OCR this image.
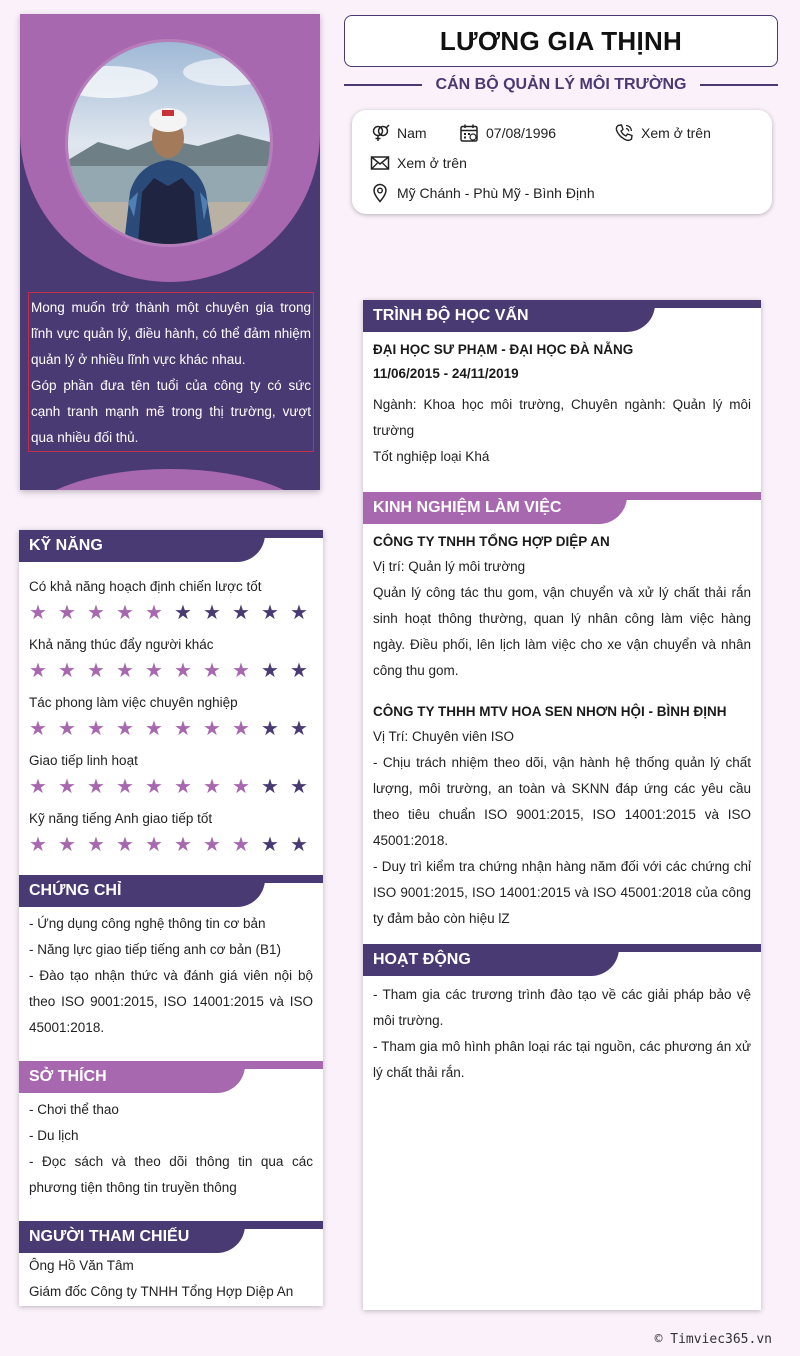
Mong muốn trở thành một chuyên gia trong lĩnh vực quản lý, điều hành, có thể đảm nhiệm quản lý ở nhiều lĩnh vực khác nhau.

Góp phần đưa tên tuổi của công ty có sức cạnh tranh mạnh mẽ trong thị trường, vượt qua nhiều đối thủ.

LƯƠNG GIA THỊNH
CÁN BỘ QUẢN LÝ MÔI TRƯỜNG
Nam	07/08/1996	Xem ở trên
Xem ở trên
Mỹ Chánh - Phù Mỹ - Bình Định
KỸ NĂNG
Có khả năng hoạch định chiến lược tốt
★ ★ ★ ★ ★ ★ ★ ★ ★ ★
Khả năng thúc đẩy người khác
★ ★ ★ ★ ★ ★ ★ ★ ★ ★
Tác phong làm việc chuyên nghiệp
★ ★ ★ ★ ★ ★ ★ ★ ★ ★
Giao tiếp linh hoạt
★ ★ ★ ★ ★ ★ ★ ★ ★ ★
Kỹ năng tiếng Anh giao tiếp tốt
★ ★ ★ ★ ★ ★ ★ ★ ★ ★
CHỨNG CHỈ
- Ứng dụng công nghệ thông tin cơ bản
- Năng lực giao tiếp tiếng anh cơ bản (B1)
- Đào tạo nhận thức và đánh giá viên nội bộ theo ISO 9001:2015, ISO 14001:2015 và ISO 45001:2018.
SỞ THÍCH
- Chơi thể thao
- Du lịch
- Đọc sách và theo dõi thông tin qua các phương tiện thông tin truyền thông
NGƯỜI THAM CHIẾU
Ông Hồ Văn Tâm
Giám đốc Công ty TNHH Tổng Hợp Diệp An
TRÌNH ĐỘ HỌC VẤN
ĐẠI HỌC SƯ PHẠM - ĐẠI HỌC ĐÀ NẴNG
11/06/2015 - 24/11/2019
Ngành: Khoa học môi trường, Chuyên ngành: Quản lý môi trường
Tốt nghiệp loại Khá
KINH NGHIỆM LÀM VIỆC
CÔNG TY TNHH TỔNG HỢP DIỆP AN
Vị trí: Quản lý môi trường
Quản lý công tác thu gom, vận chuyển và xử lý chất thải rắn sinh hoạt thông thường, quan lý nhân công làm việc hàng ngày. Điều phối, lên lịch làm việc cho xe vận chuyển và nhân công thu gom.
CÔNG TY THHH MTV HOA SEN NHƠN HỘI - BÌNH ĐỊNH
Vị Trí: Chuyên viên ISO
- Chịu trách nhiệm theo dõi, vận hành hệ thống quản lý chất lượng, môi trường, an toàn và SKNN đáp ứng các yêu cầu theo tiêu chuẩn ISO 9001:2015, ISO 14001:2015 và ISO 45001:2018.
- Duy trì kiểm tra chứng nhận hàng năm đối với các chứng chỉ ISO 9001:2015, ISO 14001:2015 và ISO 45001:2018 của công ty đảm bảo còn hiệu lZ
HOẠT ĐỘNG
- Tham gia các trương trình đào tạo về các giải pháp bảo vệ môi trường.
- Tham gia mô hình phân loại rác tại nguồn, các phương án xử lý chất thải rắn.
© Timviec365.vn
